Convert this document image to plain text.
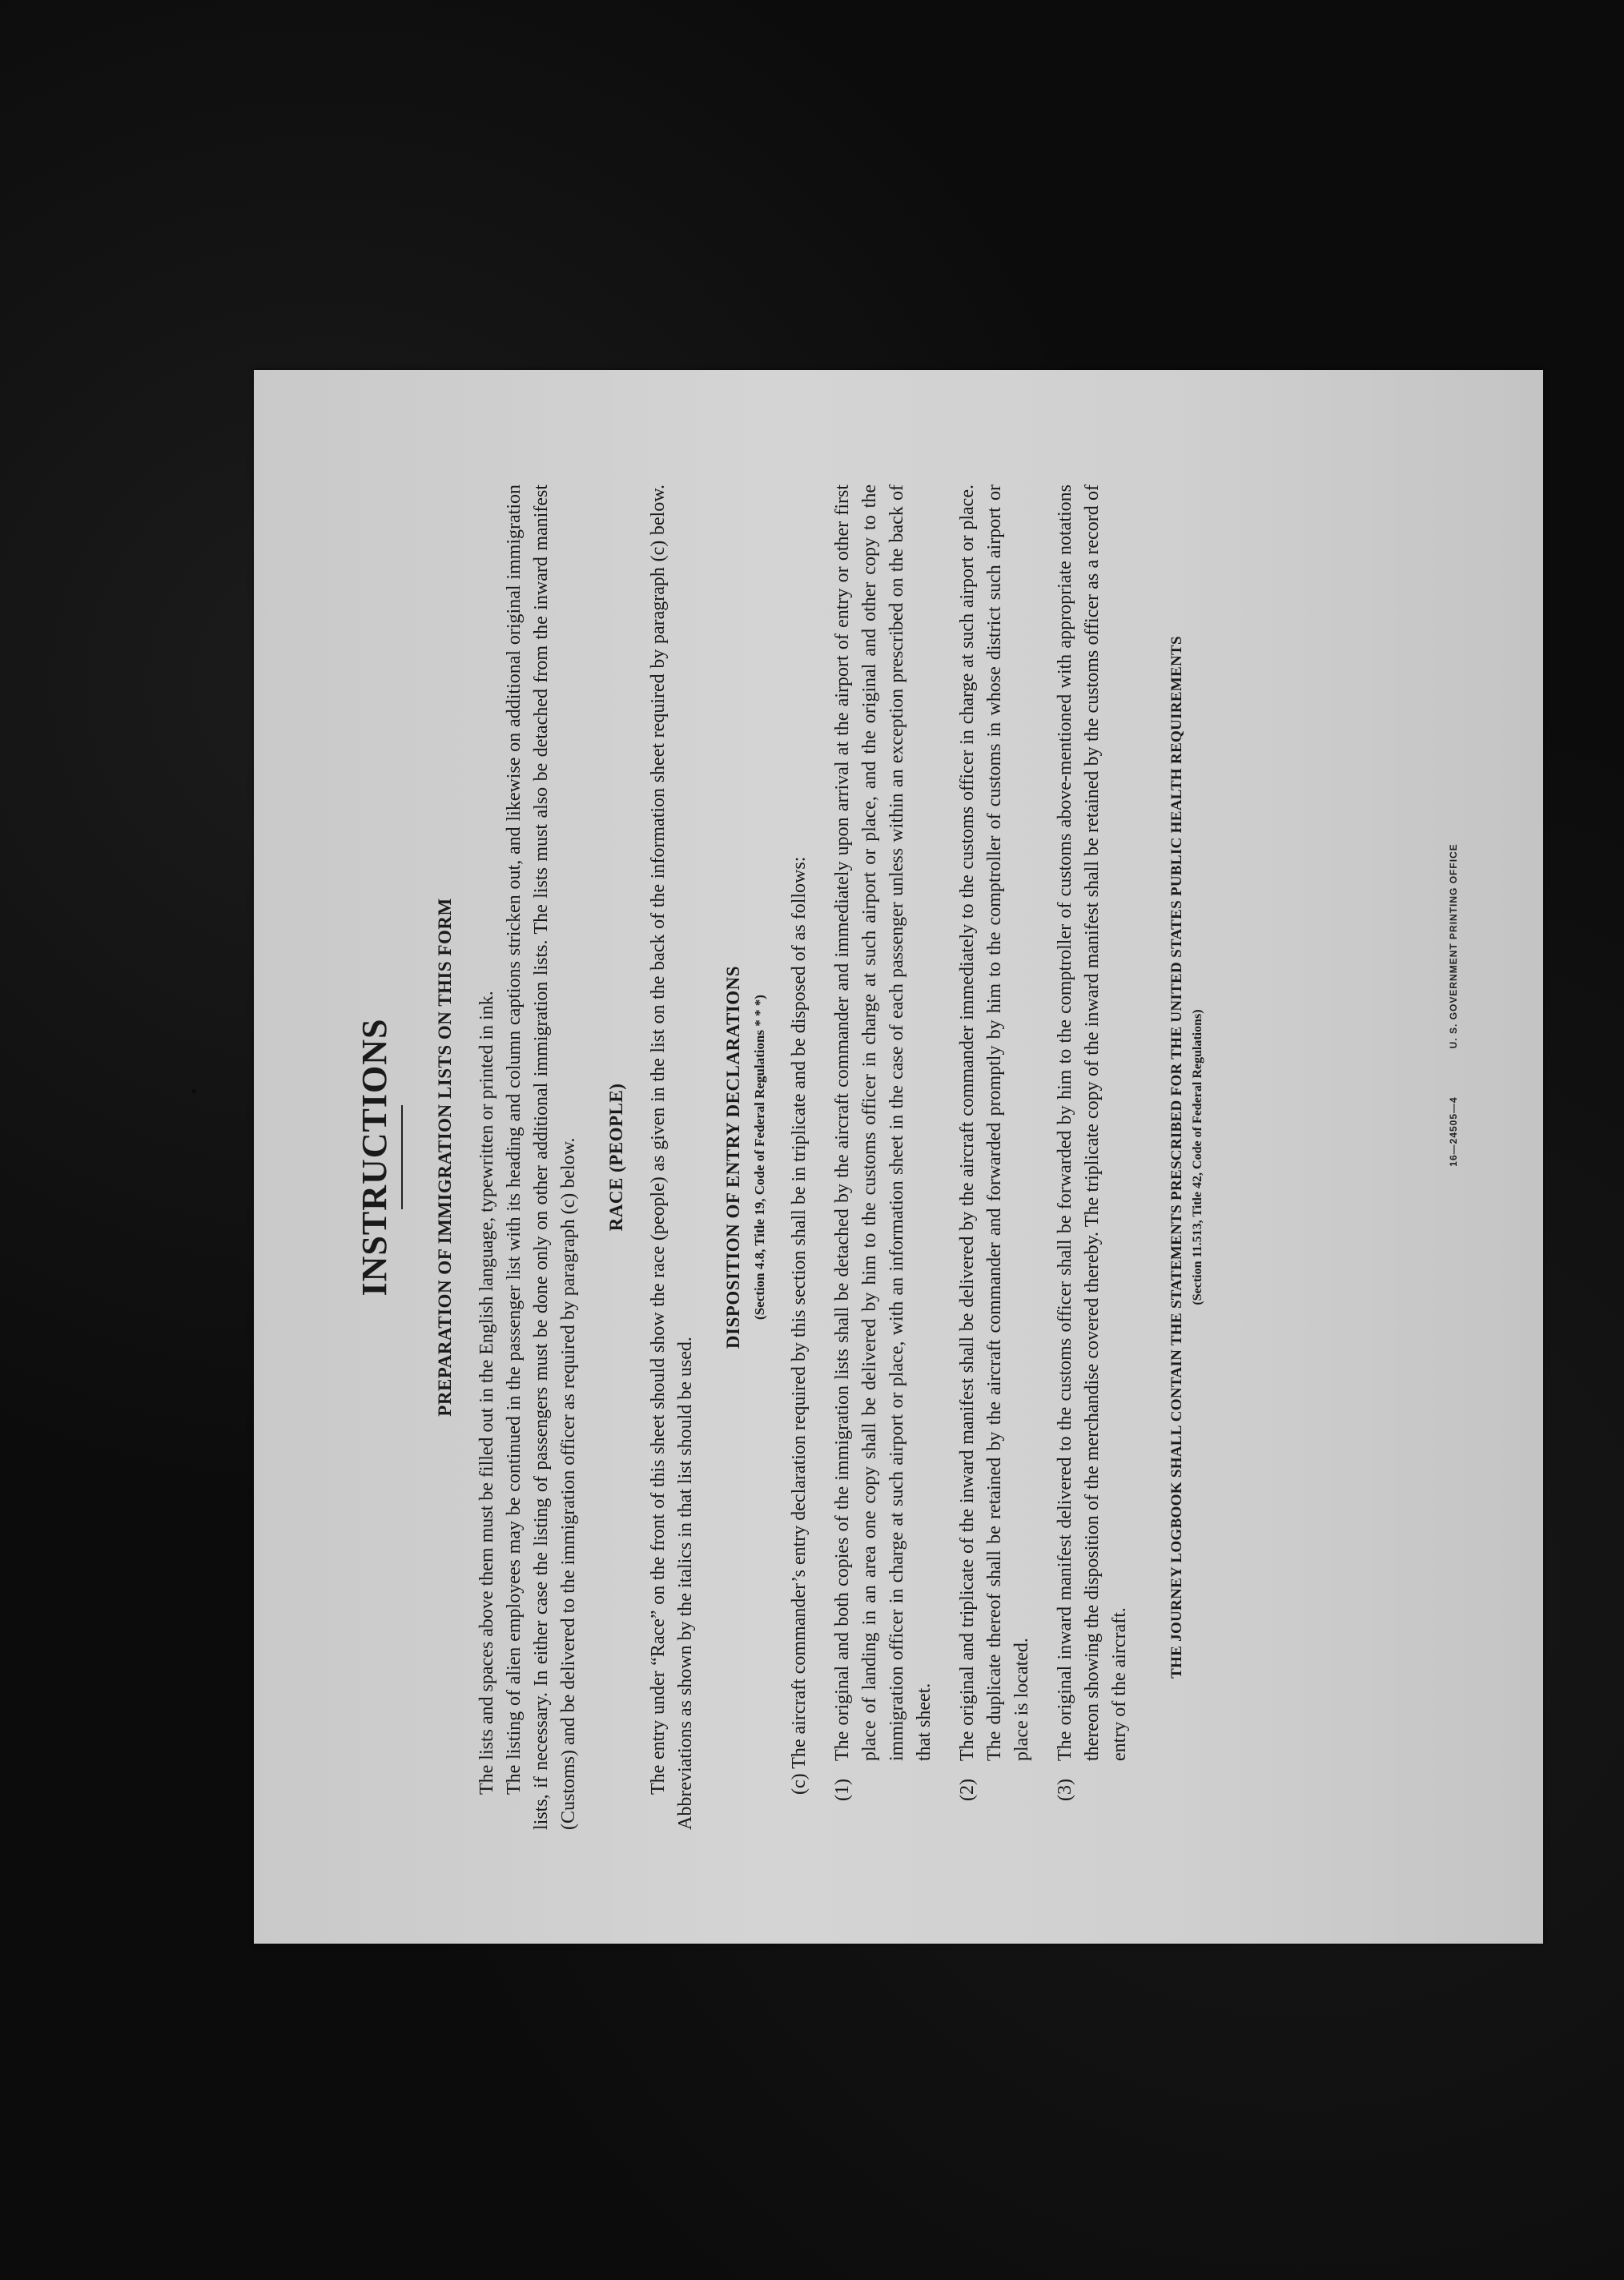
INSTRUCTIONS PREPARATION OF IMMIGRATION LISTS ON THIS FORM The lists and spaces above them must be filled out in the English language, typewritten or printed in ink. The listing of alien employees may be continued in the passenger list with its heading and column captions stricken out, and likewise on additional original immigration lists, if necessary. In either case the listing of passengers must be done only on other additional immigration lists. The lists must also be detached from the inward manifest (Customs) and be delivered to the immigration officer as required by paragraph (c) below. RACE (PEOPLE) The entry under “Race” on the front of this sheet should show the race (people) as given in the list on the back of the information sheet required by paragraph (c) below. Abbreviations as shown by the italics in that list should be used.

DISPOSITION OF ENTRY DECLARATIONS (Section 4.8, Title 19, Code of Federal Regulations * * *) (c) The aircraft commander’s entry declaration required by this section shall be in triplicate and be disposed of as follows: (1)
The original and both copies of the immigration lists shall be detached by the aircraft commander and immediately upon arrival at the airport of entry or other first place of landing in an area one copy shall be delivered by him to the customs officer in charge at such airport or place, and the original and other copy to the immigration officer in charge at such airport or place, with an information sheet in the case of each passenger unless within an exception prescribed on the back of that sheet.
(2)
The original and triplicate of the inward manifest shall be delivered by the aircraft commander immediately to the customs officer in charge at such airport or place. The duplicate thereof shall be retained by the aircraft commander and forwarded promptly by him to the comptroller of customs in whose district such airport or place is located.
(3)
The original inward manifest delivered to the customs officer shall be forwarded by him to the comptroller of customs above-mentioned with appropriate notations thereon showing the disposition of the merchandise covered thereby. The triplicate copy of the inward manifest shall be retained by the customs officer as a record of entry of the aircraft.
THE JOURNEY LOGBOOK SHALL CONTAIN THE STATEMENTS PRESCRIBED FOR THE UNITED STATES PUBLIC HEALTH REQUIREMENTS (Section 11.513, Title 42, Code of Federal Regulations)	16—24505—4
U. S. GOVERNMENT PRINTING OFFICE
